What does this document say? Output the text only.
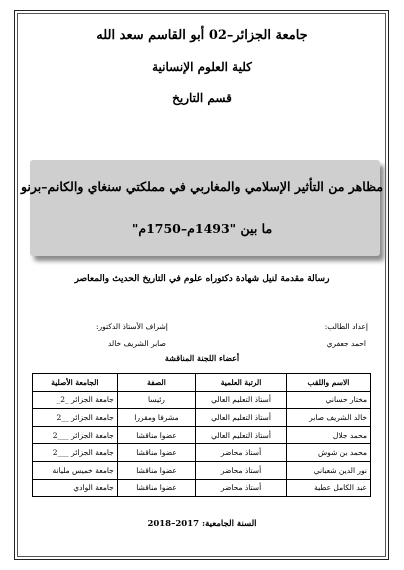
جامعة الجزائر–02 أبو القاسم سعد الله
كلية العلوم الإنسانية
قسم التاريخ
مظاهر من التأثير الإسلامي والمغاربي في مملكتي سنغاي والكانم–برنو
ما بين "1493م–1750م"
رسالة مقدمة لنيل شهادة دكتوراه علوم في التاريخ الحديث والمعاصر
إعداد الطالب:
احمد جعفري
إشراف الأستاذ الدكتور:
صابر الشريف خالد
أعضاء اللجنة المناقشة
الاسم واللقب	الرتبة العلمية	الصفة	الجامعة الأصلية
مختار حساني	أستاذ التعليم العالي	رئيسا	جامعة الجزائر _2_
خالد الشريف صابر	أستاذ التعليم العالي	مشرفا ومقررا	جامعة الجزائر __2
محمد جلال	أستاذ التعليم العالي	عضوا مناقشا	جامعة الجزائر ___2
محمد بن شوش	أستاذ محاضر	عضوا مناقشا	جامعة الجزائر ___2
نور الدين شعباني	أستاذ محاضر	عضوا مناقشا	جامعة خميس مليانة
عبد الكامل عطية	أستاذ محاضر	عضوا مناقشا	جامعة الوادي
السنة الجامعية: 2017–2018
